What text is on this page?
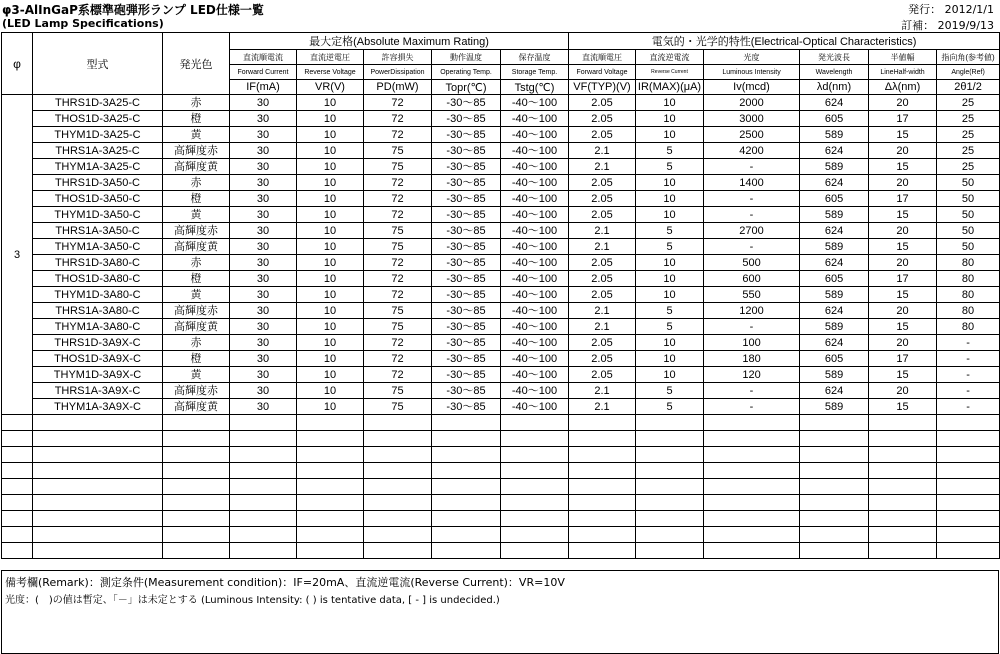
φ3-AlInGaP系標準砲弾形ランプ LED仕様一覧
(LED Lamp Specifications)
発行： 2012/1/1
訂補： 2019/9/13
φ	型式	発光色	最大定格(Absolute Maximum Rating)					電気的・光学的特性(Electrical-Optical Characteristics)					
			直流順電流	直流逆電圧	許容損失	動作温度	保存温度	直流順電圧	直流逆電流	光度	発光波長	半値幅	指向角(参考値)
			Forward Current	Reverse Voltage	PowerDissipation	Operating Temp.	Storage Temp.	Forward Voltage	Reverse Current	Luminous Intensity	Wavelength	LineHalf-width	Angle(Ref)
			IF(mA)	VR(V)	PD(mW)	Topr(℃)	Tstg(℃)	VF(TYP)(V)	IR(MAX)(μA)	Iv(mcd)	λd(nm)	Δλ(nm)	2θ1/2
3	THRS1D-3A25-C	赤	30	10	72	-30～85	-40～100	2.05	10	2000	624	20	25
	THOS1D-3A25-C	橙	30	10	72	-30～85	-40～100	2.05	10	3000	605	17	25
	THYM1D-3A25-C	黄	30	10	72	-30～85	-40～100	2.05	10	2500	589	15	25
	THRS1A-3A25-C	高輝度赤	30	10	75	-30～85	-40～100	2.1	5	4200	624	20	25
	THYM1A-3A25-C	高輝度黄	30	10	75	-30～85	-40～100	2.1	5	-	589	15	25
	THRS1D-3A50-C	赤	30	10	72	-30～85	-40～100	2.05	10	1400	624	20	50
	THOS1D-3A50-C	橙	30	10	72	-30～85	-40～100	2.05	10	-	605	17	50
	THYM1D-3A50-C	黄	30	10	72	-30～85	-40～100	2.05	10	-	589	15	50
	THRS1A-3A50-C	高輝度赤	30	10	75	-30～85	-40～100	2.1	5	2700	624	20	50
	THYM1A-3A50-C	高輝度黄	30	10	75	-30～85	-40～100	2.1	5	-	589	15	50
	THRS1D-3A80-C	赤	30	10	72	-30～85	-40～100	2.05	10	500	624	20	80
	THOS1D-3A80-C	橙	30	10	72	-30～85	-40～100	2.05	10	600	605	17	80
	THYM1D-3A80-C	黄	30	10	72	-30～85	-40～100	2.05	10	550	589	15	80
	THRS1A-3A80-C	高輝度赤	30	10	75	-30～85	-40～100	2.1	5	1200	624	20	80
	THYM1A-3A80-C	高輝度黄	30	10	75	-30～85	-40～100	2.1	5	-	589	15	80
	THRS1D-3A9X-C	赤	30	10	72	-30～85	-40～100	2.05	10	100	624	20	-
	THOS1D-3A9X-C	橙	30	10	72	-30～85	-40～100	2.05	10	180	605	17	-
	THYM1D-3A9X-C	黄	30	10	72	-30～85	-40～100	2.05	10	120	589	15	-
	THRS1A-3A9X-C	高輝度赤	30	10	75	-30～85	-40～100	2.1	5	-	624	20	-
	THYM1A-3A9X-C	高輝度黄	30	10	75	-30～85	-40～100	2.1	5	-	589	15	-

備考欄(Remark)：測定条件(Measurement condition)：IF=20mA、直流逆電流(Reverse Current)：VR=10V
光度：(　)の値は暫定、「－」は未定とする (Luminous Intensity: ( ) is tentative data, [ - ] is undecided.)
